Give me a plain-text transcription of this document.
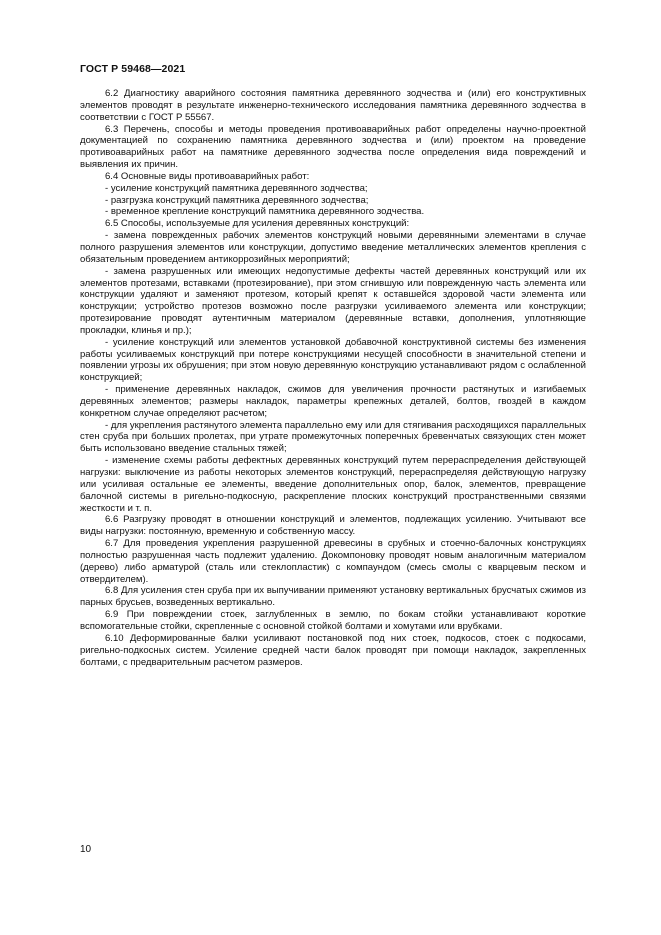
ГОСТ Р 59468—2021

6.2 Диагностику аварийного состояния памятника деревянного зодчества и (или) его конструктивных элементов проводят в результате инженерно-технического исследования памятника деревянного зодчества в соответствии с ГОСТ Р 55567.

6.3 Перечень, способы и методы проведения противоаварийных работ определены научно-проектной документацией по сохранению памятника деревянного зодчества и (или) проектом на проведение противоаварийных работ на памятнике деревянного зодчества после определения вида повреждений и выявления их причин.

6.4 Основные виды противоаварийных работ:

- усиление конструкций памятника деревянного зодчества;

- разгрузка конструкций памятника деревянного зодчества;

- временное крепление конструкций памятника деревянного зодчества.

6.5 Способы, используемые для усиления деревянных конструкций:

- замена поврежденных рабочих элементов конструкций новыми деревянными элементами в случае полного разрушения элементов или конструкции, допустимо введение металлических элементов крепления с обязательным проведением антикоррозийных мероприятий;

- замена разрушенных или имеющих недопустимые дефекты частей деревянных конструкций или их элементов протезами, вставками (протезирование), при этом сгнившую или поврежденную часть элемента или конструкции удаляют и заменяют протезом, который крепят к оставшейся здоровой части элемента или конструкции; устройство протезов возможно после разгрузки усиливаемого элемента или конструкции; протезирование проводят аутентичным материалом (деревянные вставки, дополнения, уплотняющие прокладки, клинья и пр.);

- усиление конструкций или элементов установкой добавочной конструктивной системы без изменения работы усиливаемых конструкций при потере конструкциями несущей способности в значительной степени и появлении угрозы их обрушения; при этом новую деревянную конструкцию устанавливают рядом с ослабленной конструкцией;

- применение деревянных накладок, сжимов для увеличения прочности растянутых и изгибаемых деревянных элементов; размеры накладок, параметры крепежных деталей, болтов, гвоздей в каждом конкретном случае определяют расчетом;

- для укрепления растянутого элемента параллельно ему или для стягивания расходящихся параллельных стен сруба при больших пролетах, при утрате промежуточных поперечных бревенчатых связующих стен может быть использовано введение стальных тяжей;

- изменение схемы работы дефектных деревянных конструкций путем перераспределения действующей нагрузки: выключение из работы некоторых элементов конструкций, перераспределяя действующую нагрузку или усиливая остальные ее элементы, введение дополнительных опор, балок, элементов, превращение балочной системы в ригельно-подкосную, раскрепление плоских конструкций пространственными связями жесткости и т. п.

6.6 Разгрузку проводят в отношении конструкций и элементов, подлежащих усилению. Учитывают все виды нагрузки: постоянную, временную и собственную массу.

6.7 Для проведения укрепления разрушенной древесины в срубных и стоечно-балочных конструкциях полностью разрушенная часть подлежит удалению. Докомпоновку проводят новым аналогичным материалом (дерево) либо арматурой (сталь или стеклопластик) с компаундом (смесь смолы с кварцевым песком и отвердителем).

6.8 Для усиления стен сруба при их выпучивании применяют установку вертикальных брусчатых сжимов из парных брусьев, возведенных вертикально.

6.9 При повреждении стоек, заглубленных в землю, по бокам стойки устанавливают короткие вспомогательные стойки, скрепленные с основной стойкой болтами и хомутами или врубками.

6.10 Деформированные балки усиливают постановкой под них стоек, подкосов, стоек с подкосами, ригельно-подкосных систем. Усиление средней части балок проводят при помощи накладок, закрепленных болтами, с предварительным расчетом размеров.

10
